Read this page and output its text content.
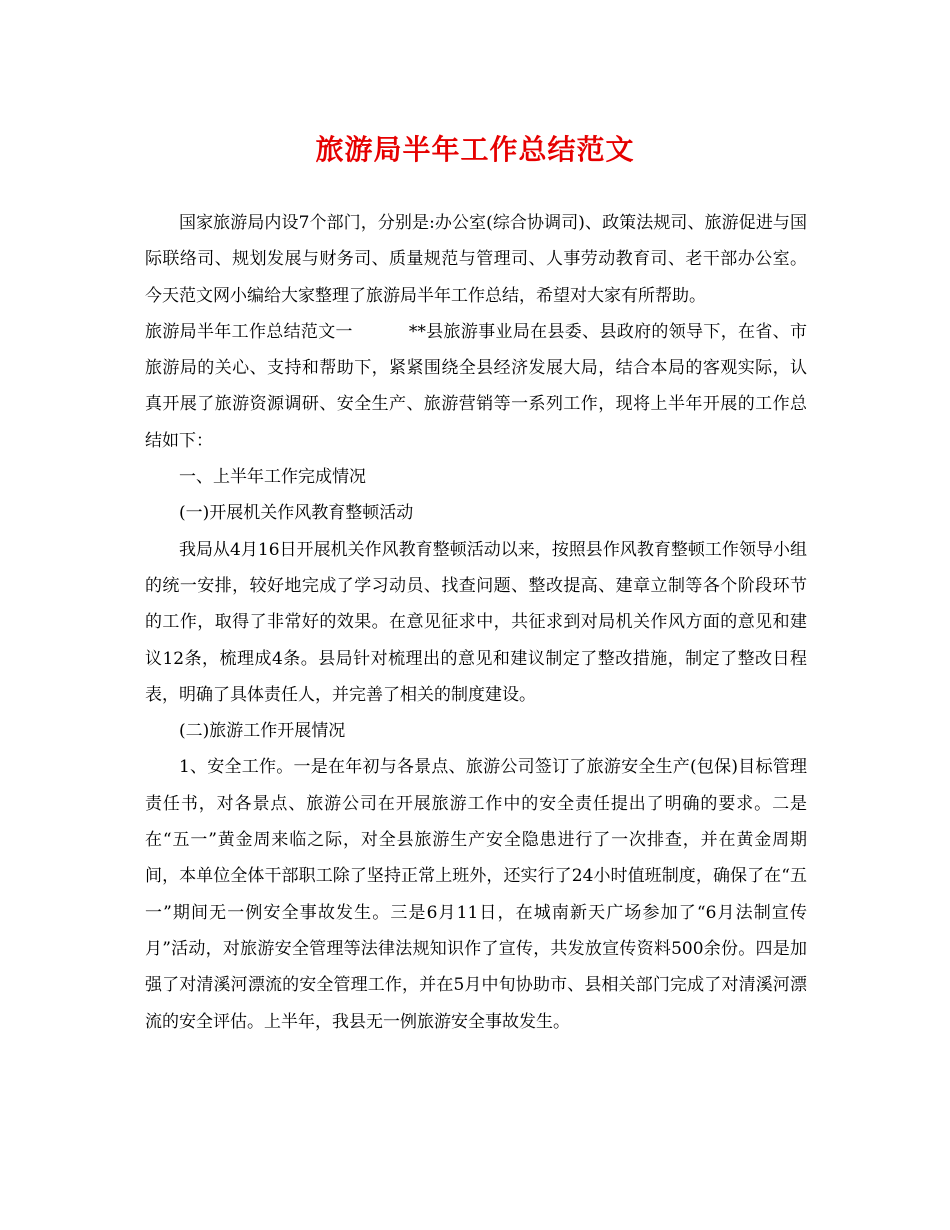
旅游局半年工作总结范文

国家旅游局内设7个部门，分别是:办公室(综合协调司)、政策法规司、旅游促进与国际联络司、规划发展与财务司、质量规范与管理司、人事劳动教育司、老干部办公室。今天范文网小编给大家整理了旅游局半年工作总结，希望对大家有所帮助。

旅游局半年工作总结范文一	**县旅游事业局在县委、县政府的领导下，在省、市旅游局的关心、支持和帮助下，紧紧围绕全县经济发展大局，结合本局的客观实际，认真开展了旅游资源调研、安全生产、旅游营销等一系列工作，现将上半年开展的工作总结如下：

一、上半年工作完成情况

(一)开展机关作风教育整顿活动

我局从4月16日开展机关作风教育整顿活动以来，按照县作风教育整顿工作领导小组的统一安排，较好地完成了学习动员、找查问题、整改提高、建章立制等各个阶段环节的工作，取得了非常好的效果。在意见征求中，共征求到对局机关作风方面的意见和建议12条，梳理成4条。县局针对梳理出的意见和建议制定了整改措施，制定了整改日程表，明确了具体责任人，并完善了相关的制度建设。

(二)旅游工作开展情况

1、安全工作。一是在年初与各景点、旅游公司签订了旅游安全生产(包保)目标管理责任书，对各景点、旅游公司在开展旅游工作中的安全责任提出了明确的要求。二是在“五一”黄金周来临之际，对全县旅游生产安全隐患进行了一次排查，并在黄金周期间，本单位全体干部职工除了坚持正常上班外，还实行了24小时值班制度，确保了在“五一”期间无一例安全事故发生。三是6月11日，在城南新天广场参加了“6月法制宣传月”活动，对旅游安全管理等法律法规知识作了宣传，共发放宣传资料500余份。四是加强了对清溪河漂流的安全管理工作，并在5月中旬协助市、县相关部门完成了对清溪河漂流的安全评估。上半年，我县无一例旅游安全事故发生。
